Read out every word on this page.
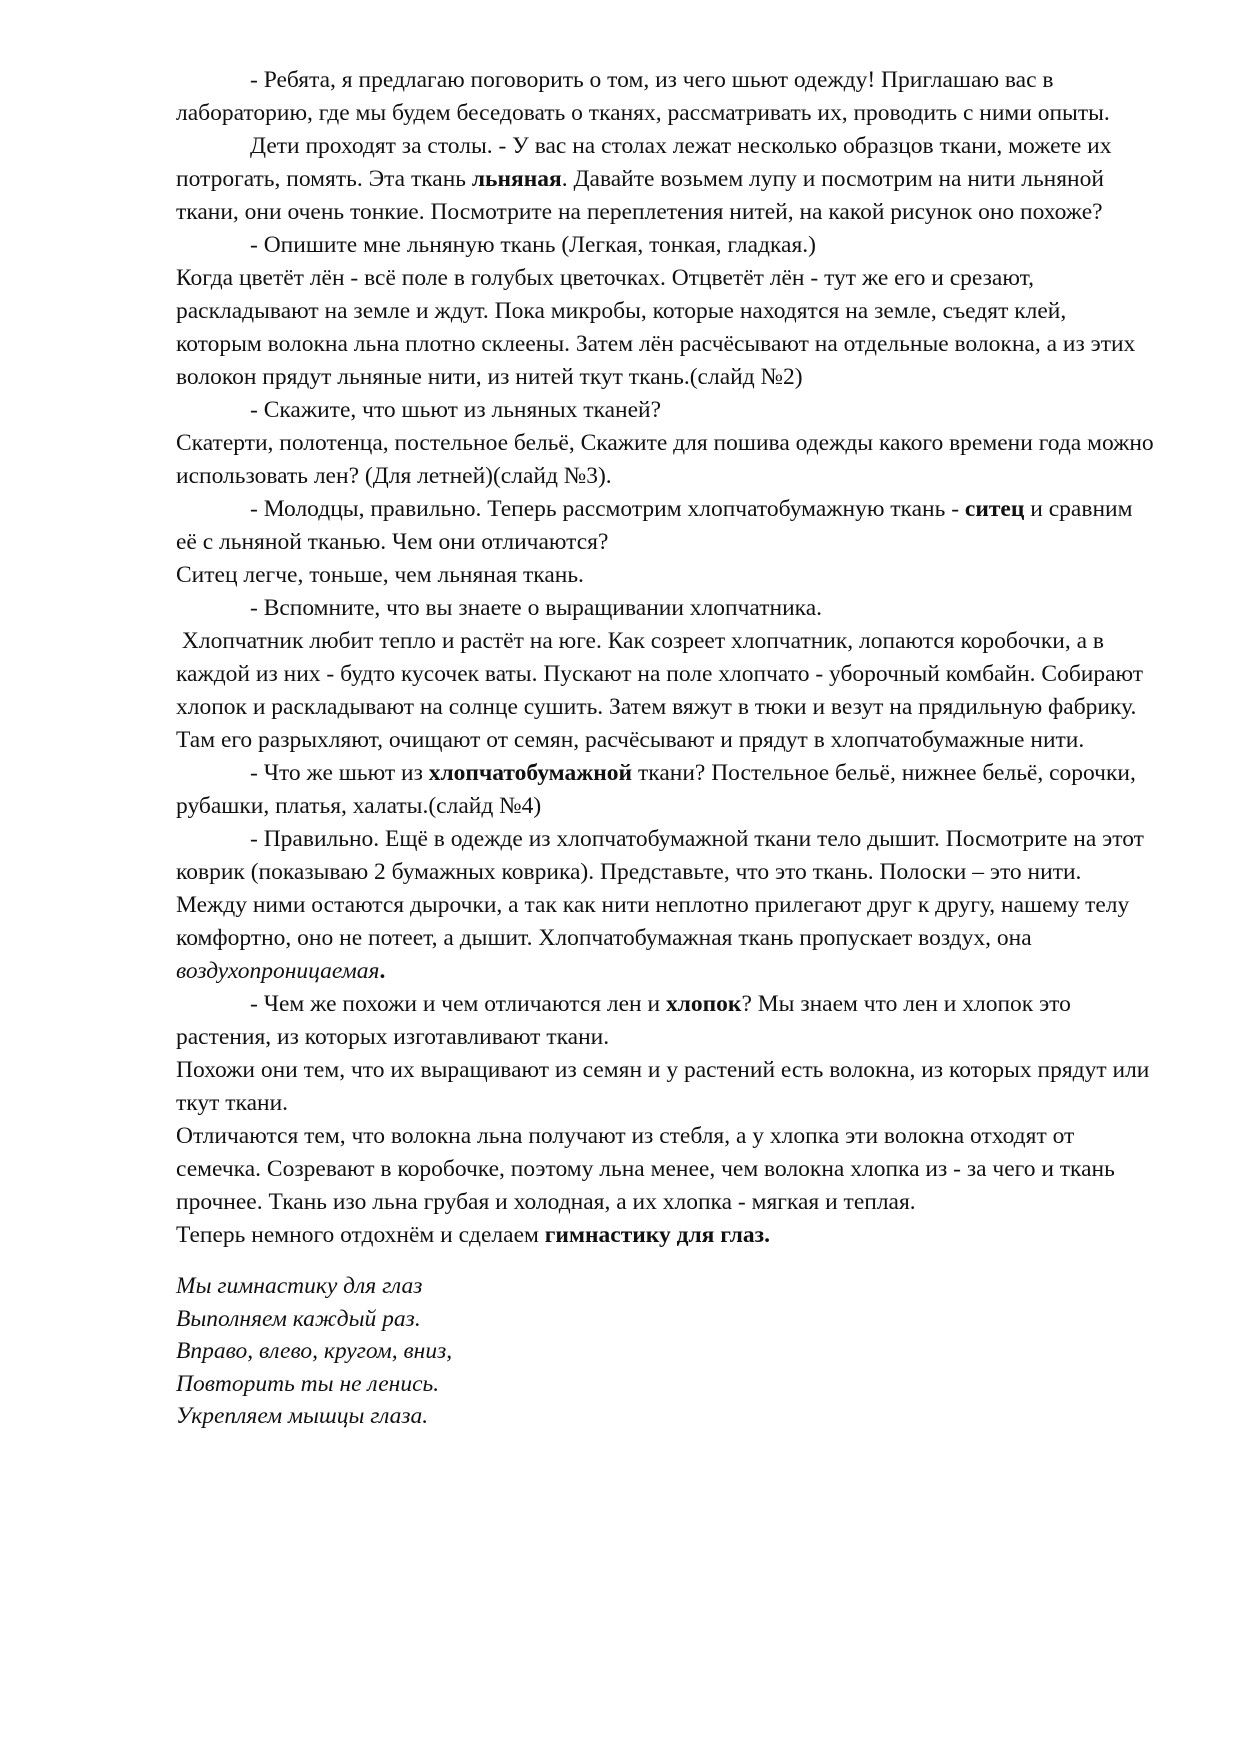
- Ребята, я предлагаю поговорить о том, из чего шьют одежду! Приглашаю вас в лабораторию, где мы будем беседовать о тканях, рассматривать их, проводить с ними опыты.

Дети проходят за столы. - У вас на столах лежат несколько образцов ткани, можете их потрогать, помять. Эта ткань льняная. Давайте возьмем лупу и посмотрим на нити льняной ткани, они очень тонкие. Посмотрите на переплетения нитей, на какой рисунок оно похоже?

- Опишите мне льняную ткань (Легкая, тонкая, гладкая.)

Когда цветёт лён - всё поле в голубых цветочках. Отцветёт лён - тут же его и срезают, раскладывают на земле и ждут. Пока микробы, которые находятся на земле, съедят клей, которым волокна льна плотно склеены. Затем лён расчёсывают на отдельные волокна, а из этих волокон прядут льняные нити, из нитей ткут ткань.(слайд №2)

- Скажите, что шьют из льняных тканей?

Скатерти, полотенца, постельное бельё, Скажите для пошива одежды какого времени года можно использовать лен? (Для летней)(слайд №3).

- Молодцы, правильно. Теперь рассмотрим хлопчатобумажную ткань - ситец и сравним её с льняной тканью. Чем они отличаются?

Ситец легче, тоньше, чем льняная ткань.

- Вспомните, что вы знаете о выращивании хлопчатника.

Хлопчатник любит тепло и растёт на юге. Как созреет хлопчатник, лопаются коробочки, а в каждой из них - будто кусочек ваты. Пускают на поле хлопчато - уборочный комбайн. Собирают хлопок и раскладывают на солнце сушить. Затем вяжут в тюки и везут на прядильную фабрику. Там его разрыхляют, очищают от семян, расчёсывают и прядут в хлопчатобумажные нити.

- Что же шьют из хлопчатобумажной ткани? Постельное бельё, нижнее бельё, сорочки, рубашки, платья, халаты.(слайд №4)

- Правильно. Ещё в одежде из хлопчатобумажной ткани тело дышит. Посмотрите на этот коврик (показываю 2 бумажных коврика). Представьте, что это ткань. Полоски – это нити. Между ними остаются дырочки, а так как нити неплотно прилегают друг к другу, нашему телу комфортно, оно не потеет, а дышит. Хлопчатобумажная ткань пропускает воздух, она воздухопроницаемая.

- Чем же похожи и чем отличаются лен и хлопок? Мы знаем что лен и хлопок это растения, из которых изготавливают ткани.

Похожи они тем, что их выращивают из семян и у растений есть волокна, из которых прядут или ткут ткани.

Отличаются тем, что волокна льна получают из стебля, а у хлопка эти волокна отходят от семечка. Созревают в коробочке, поэтому льна менее, чем волокна хлопка из - за чего и ткань прочнее. Ткань изо льна грубая и холодная, а их хлопка - мягкая и теплая.

Теперь немного отдохнём и сделаем гимнастику для глаз.

Мы гимнастику для глаз
Выполняем каждый раз.
Вправо, влево, кругом, вниз,
Повторить ты не ленись.
Укрепляем мышцы глаза.
